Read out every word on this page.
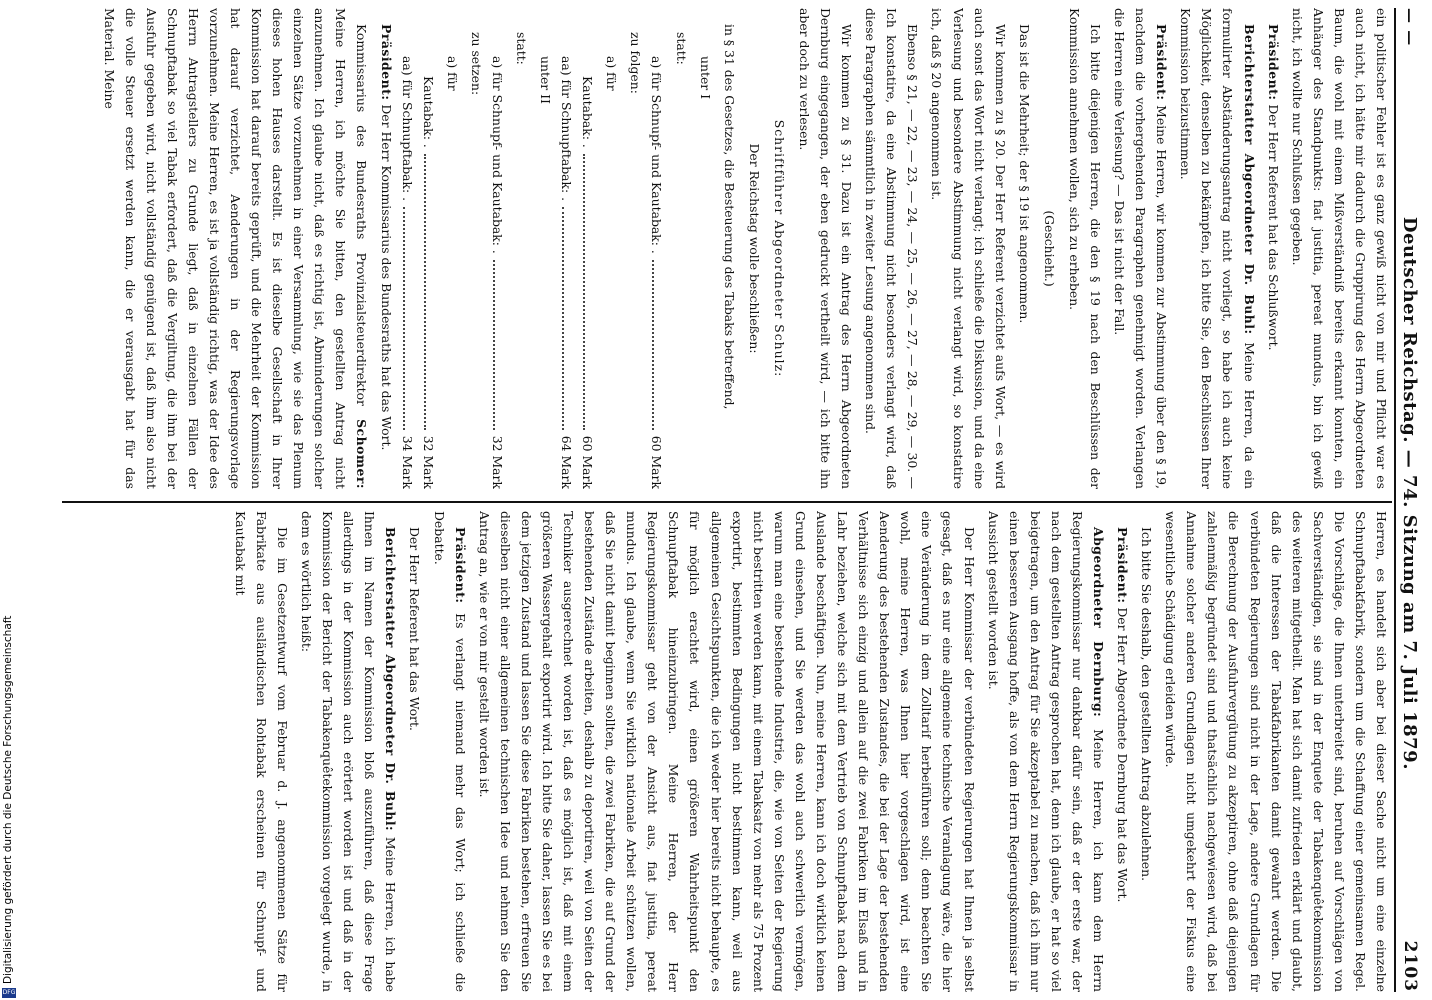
— —
Deutscher Reichstag. — 74. Sitzung am 7. Juli 1879.
2103

ein politischer Fehler ist es ganz gewiß nicht von mir und Pflicht war es auch nicht, ich hätte mir dadurch die Gruppirung des Herrn Abgeordneten Baum, die wohl mit einem Mißverständniß bereits erkannt konnten, ein Anhänger des Standpunkts: fiat justitia, pereat mundus, bin ich gewiß nicht, ich wollte nur Schlußsen gegeben.

Präsident: Der Herr Referent hat das Schlußwort.

Berichterstatter Abgeordneter Dr. Buhl: Meine Herren, da ein formulirter Abständerungsantrag nicht vorliegt, so habe ich auch keine Möglichkeit, denselben zu bekämpfen, ich bitte Sie, den Beschlüssen Ihrer Kommission beizustimmen.

Präsident: Meine Herren, wir kommen zur Abstimmung über den § 19, nachdem die vorhergehenden Paragraphen genehmigt worden. Verlangen die Herren eine Verlesung? — Das ist nicht der Fall.

Ich bitte diejenigen Herren, die den § 19 nach den Beschlüssen der Kommission annehmen wollen, sich zu erheben.

(Geschieht.)

Das ist die Mehrheit; der § 19 ist angenommen.

Wir kommen zu § 20. Der Herr Referent verzichtet aufs Wort, — es wird auch sonst das Wort nicht verlangt; ich schließe die Diskussion, und da eine Verlesung und besondere Abstimmung nicht verlangt wird, so konstatire ich, daß § 20 angenommen ist.

Ebenso § 21, — 22, — 23, — 24, — 25, — 26, — 27, — 28, — 29, — 30. — Ich konstatire, da eine Abstimmung nicht besonders verlangt wird, daß diese Paragraphen sämmtlich in zweiter Lesung angenommen sind.

Wir kommen zu § 31. Dazu ist ein Antrag des Herrn Abgeordneten Dernburg eingegangen, der eben gedruckt vertheilt wird, — ich bitte ihn aber doch zu verlesen.

Schriftführer Abgeordneter Schulz:

Der Reichstag wolle beschließen:

in § 31 des Gesetzes, die Besteuerung des Tabaks betreffend,

unter I

statt:

a) für Schnupf- und Kautabak: .
60 Mark

zu folgen:

a) für

Kautabak: .
60 Mark
aa) für Schnupftabak: .
64 Mark

unter II

statt:

a) für Schnupf- und Kautabak: .
32 Mark

zu setzen:

a) für

Kautabak: .
32 Mark
aa) für Schnupftabak: .
34 Mark

Präsident: Der Herr Kommissarius des Bundesraths hat das Wort.

Kommissarius des Bundesraths Provinzialsteuerdirektor Schomer: Meine Herren, ich möchte Sie bitten, den gestellten Antrag nicht anzunehmen. Ich glaube nicht, daß es richtig ist, Abminderungen solcher einzelnen Sätze vorzunehmen in einer Versammlung, wie sie das Plenum dieses hohen Hauses darstellt. Es ist dieselbe Gesellschaft in Ihrer Kommission hat darauf bereits geprüft, und die Mehrheit der Kommission hat darauf verzichtet, Aenderungen in der Regierungsvorlage vorzunehmen. Meine Herren, es ist ja vollständig richtig, was der Idee des Herrn Antragstellers zu Grunde liegt, daß in einzelnen Fällen der Schnupftabak so viel Tabak erfordert, daß die Vergiltung, die ihm bei der Ausfuhr gegeben wird, nicht vollständig genügend ist, daß ihm also nicht die volle Steuer ersetzt werden kann, die er verausgabt hat für das Material. Meine

Herren, es handelt sich aber bei dieser Sache nicht um eine einzelne Schnupftabakfabrik, sondern um die Schaffung einer gemeinsamen Regel. Die Vorschläge, die Ihnen unterbreitet sind, beruhen auf Vorschlägen von Sachverständigen, sie sind in der Enquete der Tabakenquêtekommission des weiteren mitgetheilt. Man hat sich damit zufrieden erklärt und glaubt, daß die Interessen der Tabakfabrikanten damit gewahrt werden. Die verbündeten Regierungen sind nicht in der Lage, andere Grundlagen für die Berechnung der Ausfuhrvergütung zu akzeptiren, ohne daß diejenigen zahlenmäßig begründet sind und thatsächlich nachgewiesen wird, daß bei Annahme solcher anderen Grundlagen nicht umgekehrt der Fiskus eine wesentliche Schädigung erleiden würde.

Ich bitte Sie deshalb, den gestellten Antrag abzulehnen.

Präsident: Der Herr Abgeordnete Dernburg hat das Wort.

Abgeordneter Dernburg: Meine Herren, ich kann dem Herrn Regierungskommissar nur dankbar dafür sein, daß er der erste war, der nach dem gestellten Antrag gesprochen hat, denn ich glaube, er hat so viel beigetragen, um den Antrag für Sie akzeptabel zu machen, daß ich ihm nur einen besseren Ausgang hoffe, als von dem Herrn Regierungskommissar in Aussicht gestellt worden ist.

Der Herr Kommissar der verbündeten Regierungen hat Ihnen ja selbst gesagt, daß es nur eine allgemeine technische Veranlagung wäre, die hier eine Veränderung in dem Zolltarif herbeiführen soll; denn beachten Sie wohl, meine Herren, was Ihnen hier vorgeschlagen wird, ist eine Aenderung des bestehenden Zustandes, die bei der Lage der bestehenden Verhältnisse sich einzig und allein auf die zwei Fabriken im Elsaß und in Lahr beziehen, welche sich mit dem Vertrieb von Schnupftabak nach dem Auslande beschäftigen. Nun, meine Herren, kann ich doch wirklich keinen Grund einsehen, und Sie werden das wohl auch schwerlich vermögen, warum man eine bestehende Industrie, die, wie von Seiten der Regierung nicht bestritten werden kann, mit einem Tabaksatz von mehr als 75 Prozent exportirt, bestimmten Bedingungen nicht bestimmen kann, weil aus allgemeinen Gesichtspunkten, die ich weder hier bereits nicht behaupte, es für möglich erachtet wird, einen größeren Wahrheitspunkt den Schnupftabak hineinzubringen. Meine Herren, der Herr Regierungskommissar geht von der Ansicht aus, fiat justitia, pereat mundus. Ich glaube, wenn Sie wirklich nationale Arbeit schützen wollen, daß Sie nicht damit beginnen sollten, die zwei Fabriken, die auf Grund der bestehenden Zustände arbeiten, deshalb zu deportiren, weil von Seiten der Techniker ausgerechnet worden ist, daß es möglich ist, daß mit einem größeren Wassergehalt exportirt wird. Ich bitte Sie daher, lassen Sie es bei dem jetzigen Zustand und lassen Sie diese Fabriken bestehen, erfreuen Sie dieselben nicht einer allgemeinen technischen Idee und nehmen Sie den Antrag an, wie er von mir gestellt worden ist.

Präsident: Es verlangt niemand mehr das Wort; ich schließe die Debatte.

Der Herr Referent hat das Wort.

Berichterstatter Abgeordneter Dr. Buhl: Meine Herren, ich habe Ihnen im Namen der Kommission bloß auszuführen, daß diese Frage allerdings in der Kommission auch erörtert worden ist und daß in der Kommission der Bericht der Tabakenquêtekommission vorgelegt wurde, in dem es wörtlich heißt:

Die im Gesetzentwurf vom Februar d. J. angenommenen Sätze für Fabrikate aus ausländischen Rohtabak erscheinen für Schnupf- und Kautabak mit

Digitalisierung gefördert durch die Deutsche Forschungsgemeinschaft
DFG
